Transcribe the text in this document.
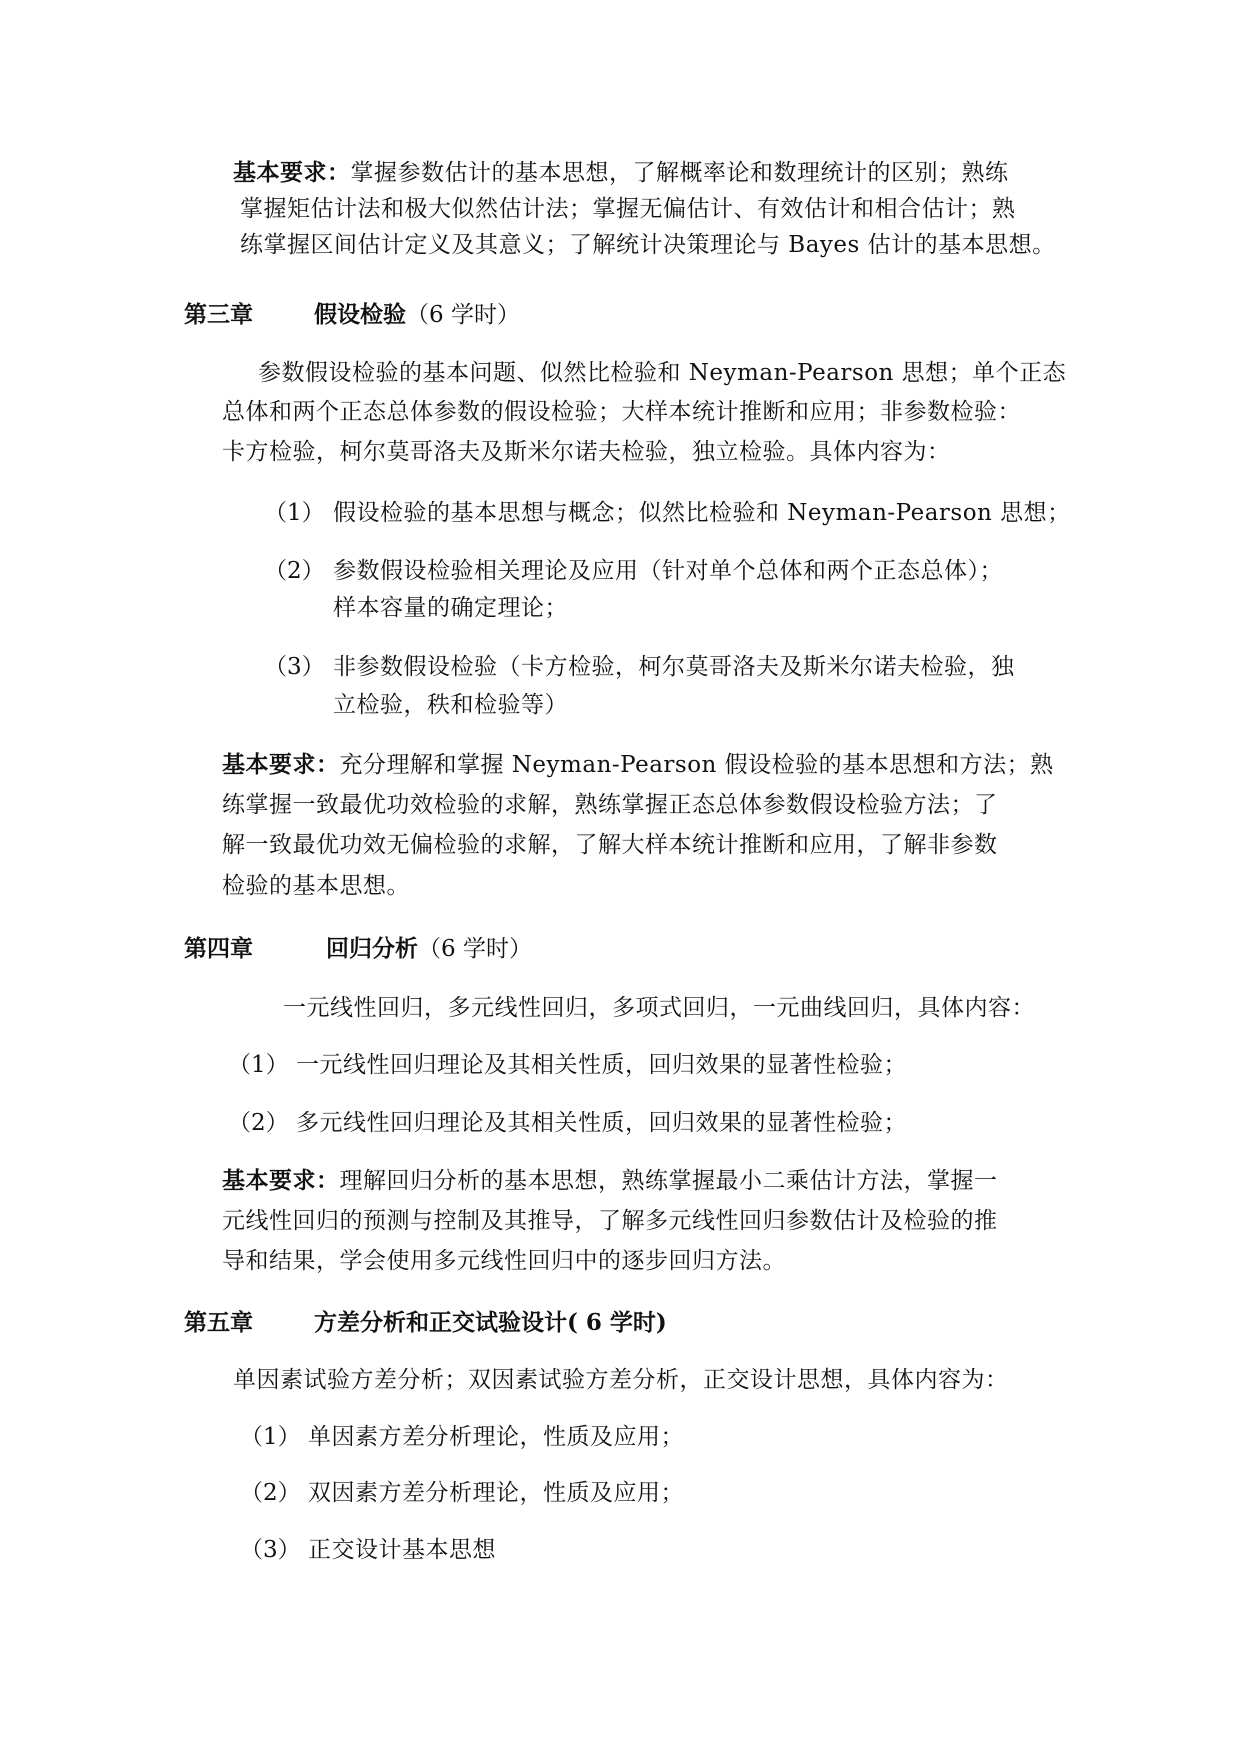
基本要求：掌握参数估计的基本思想，了解概率论和数理统计的区别；熟练
掌握矩估计法和极大似然估计法；掌握无偏估计、有效估计和相合估计；熟
练掌握区间估计定义及其意义；了解统计决策理论与 Bayes 估计的基本思想。
第三章	假设检验（6 学时）
参数假设检验的基本问题、似然比检验和 Neyman-Pearson 思想；单个正态
总体和两个正态总体参数的假设检验；大样本统计推断和应用；非参数检验：
卡方检验，柯尔莫哥洛夫及斯米尔诺夫检验，独立检验。具体内容为：
（1） 假设检验的基本思想与概念；似然比检验和 Neyman-Pearson 思想；
（2） 参数假设检验相关理论及应用（针对单个总体和两个正态总体）；
样本容量的确定理论；
（3） 非参数假设检验（卡方检验，柯尔莫哥洛夫及斯米尔诺夫检验，独
立检验，秩和检验等）
基本要求：充分理解和掌握 Neyman-Pearson 假设检验的基本思想和方法；熟
练掌握一致最优功效检验的求解，熟练掌握正态总体参数假设检验方法；了
解一致最优功效无偏检验的求解，了解大样本统计推断和应用，了解非参数
检验的基本思想。
第四章	回归分析（6 学时）
一元线性回归，多元线性回归，多项式回归，一元曲线回归，具体内容：
（1） 一元线性回归理论及其相关性质，回归效果的显著性检验；
（2） 多元线性回归理论及其相关性质，回归效果的显著性检验；
基本要求：理解回归分析的基本思想，熟练掌握最小二乘估计方法，掌握一
元线性回归的预测与控制及其推导，了解多元线性回归参数估计及检验的推
导和结果，学会使用多元线性回归中的逐步回归方法。
第五章	方差分析和正交试验设计( 6 学时)
单因素试验方差分析；双因素试验方差分析，正交设计思想，具体内容为：
（1） 单因素方差分析理论，性质及应用；
（2） 双因素方差分析理论，性质及应用；
（3） 正交设计基本思想
